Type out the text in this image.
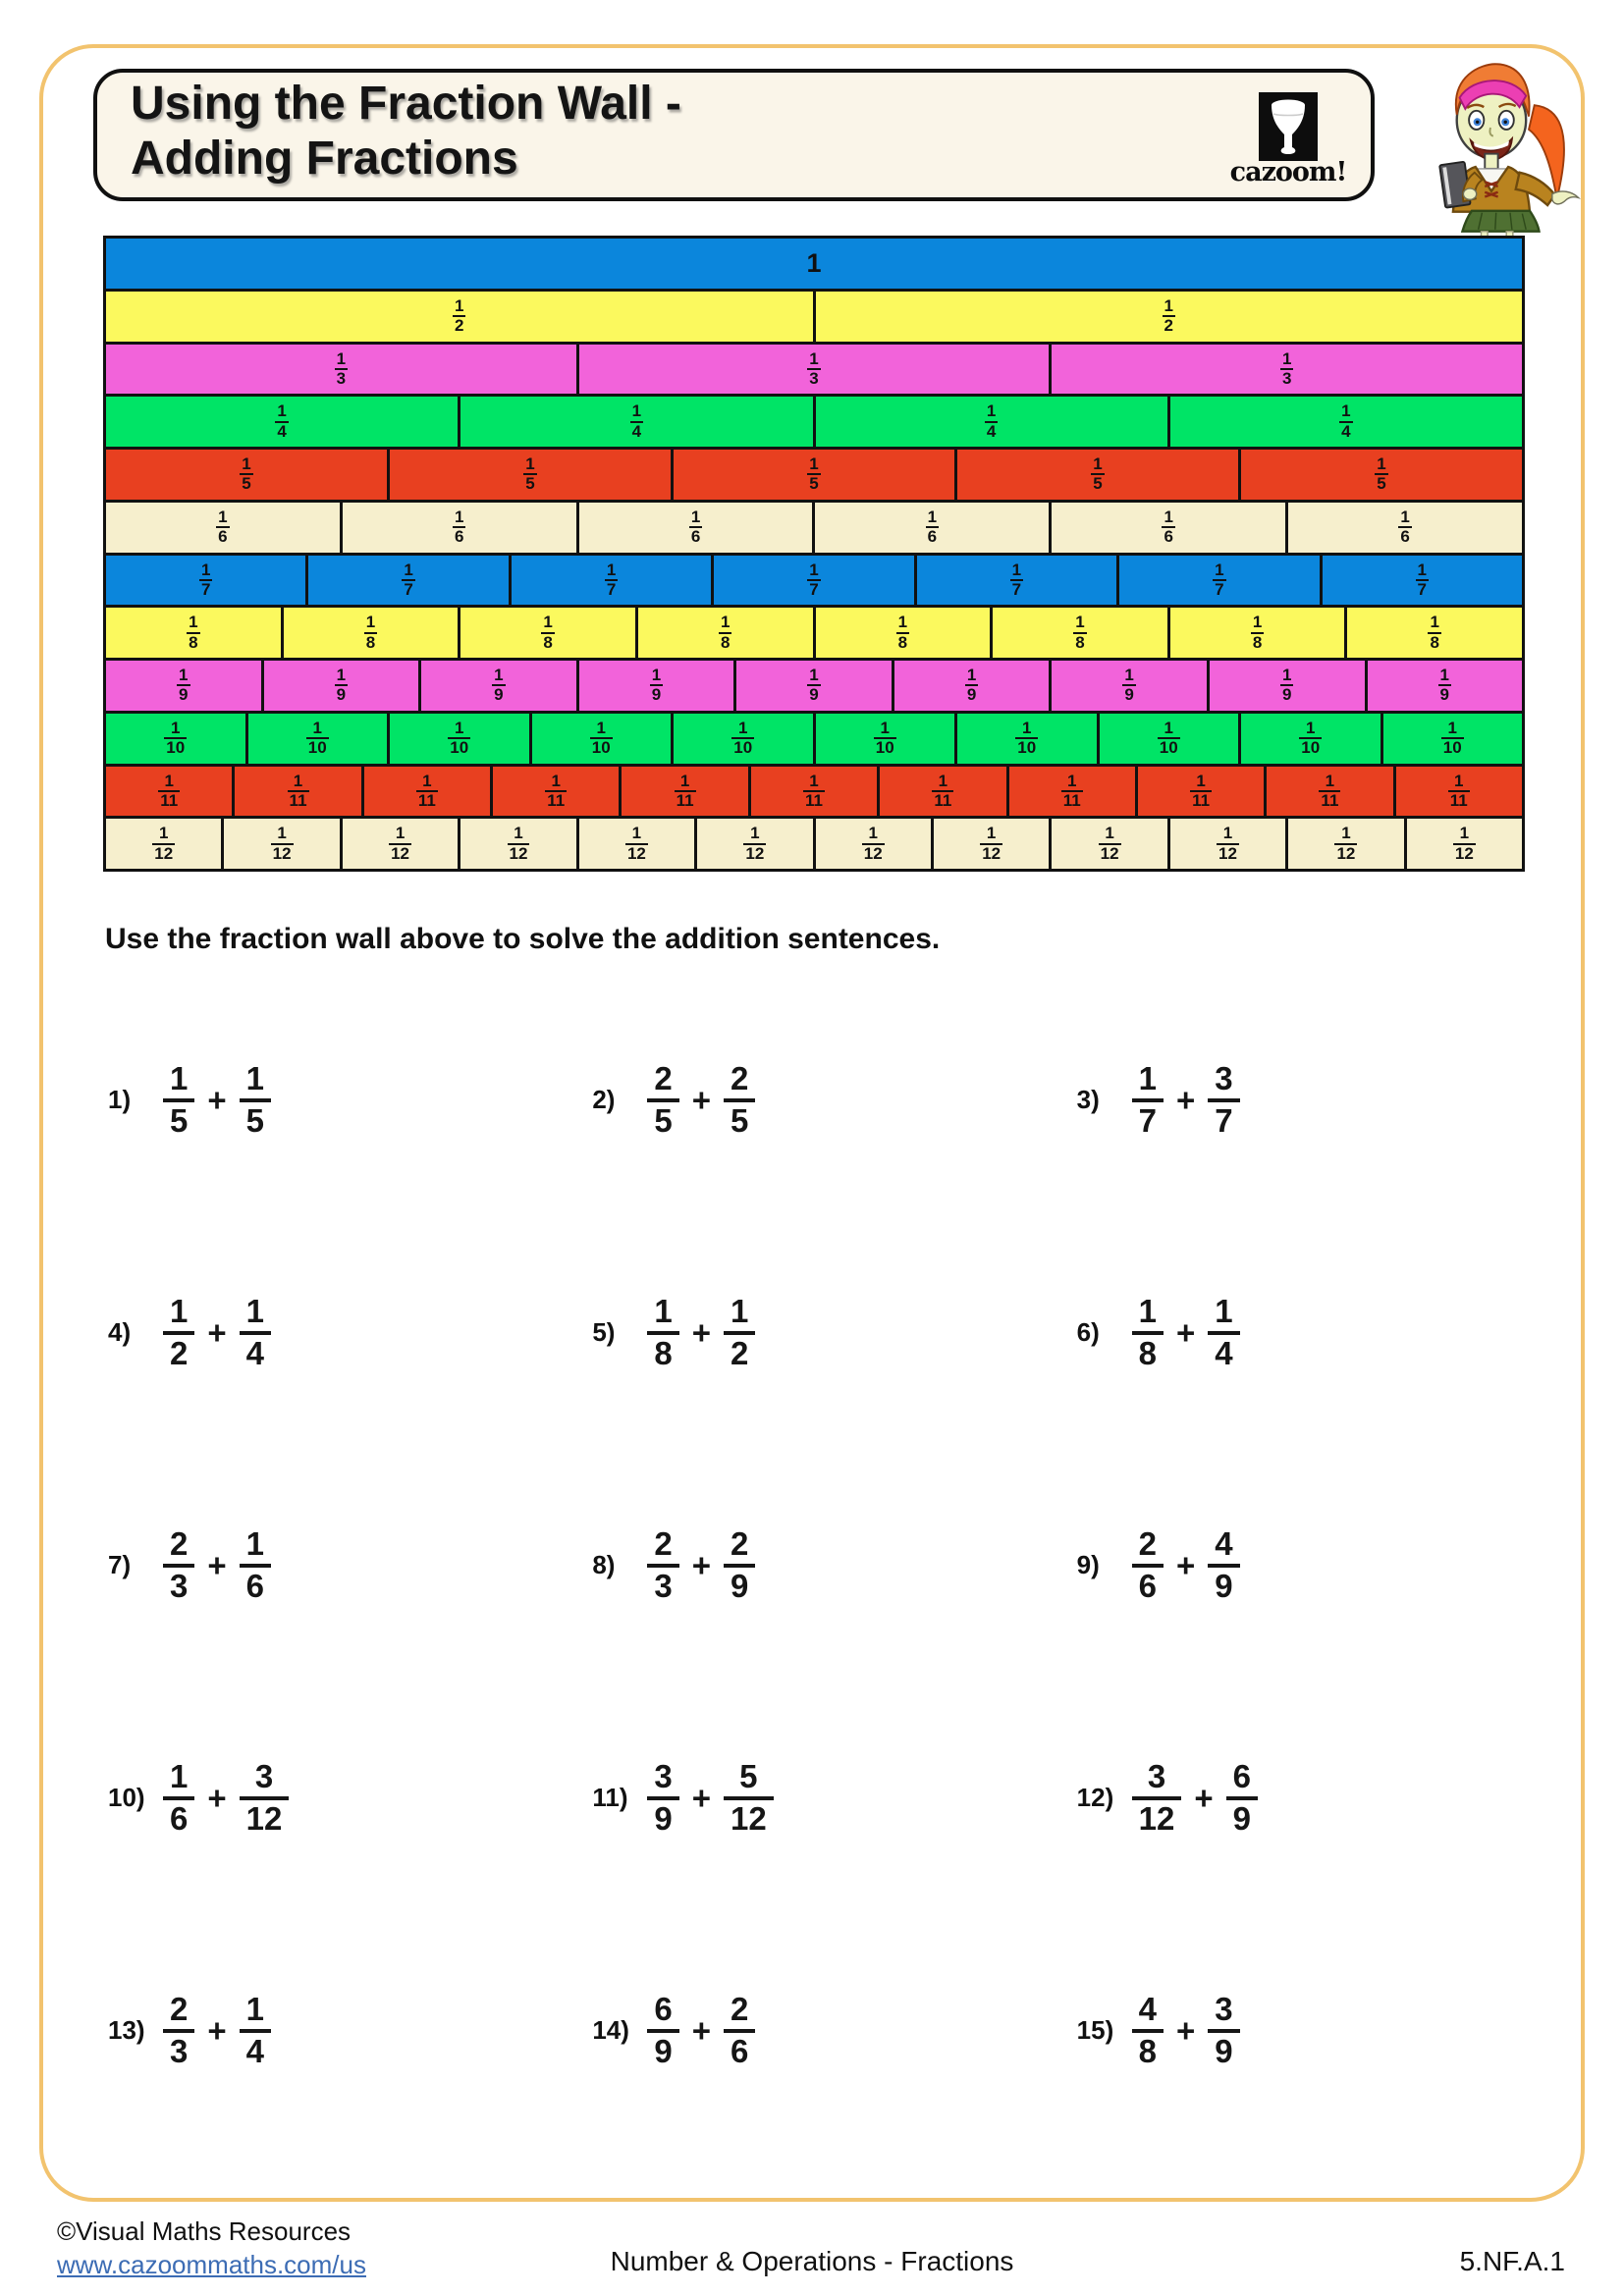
Using the Fraction Wall -
Adding Fractions	cazoom!
1
$\frac{1}{2}$	$\frac{1}{2}$
$\frac{1}{3}$	$\frac{1}{3}$	$\frac{1}{3}$
$\frac{1}{4}$	$\frac{1}{4}$	$\frac{1}{4}$	$\frac{1}{4}$
$\frac{1}{5}$	$\frac{1}{5}$	$\frac{1}{5}$	$\frac{1}{5}$	$\frac{1}{5}$
$\frac{1}{6}$	$\frac{1}{6}$	$\frac{1}{6}$	$\frac{1}{6}$	$\frac{1}{6}$	$\frac{1}{6}$
$\frac{1}{7}$	$\frac{1}{7}$	$\frac{1}{7}$	$\frac{1}{7}$	$\frac{1}{7}$	$\frac{1}{7}$	$\frac{1}{7}$
$\frac{1}{8}$	$\frac{1}{8}$	$\frac{1}{8}$	$\frac{1}{8}$	$\frac{1}{8}$	$\frac{1}{8}$	$\frac{1}{8}$	$\frac{1}{8}$
$\frac{1}{9}$	$\frac{1}{9}$	$\frac{1}{9}$	$\frac{1}{9}$	$\frac{1}{9}$	$\frac{1}{9}$	$\frac{1}{9}$	$\frac{1}{9}$	$\frac{1}{9}$
$\frac{1}{10}$	$\frac{1}{10}$	$\frac{1}{10}$	$\frac{1}{10}$	$\frac{1}{10}$	$\frac{1}{10}$	$\frac{1}{10}$	$\frac{1}{10}$	$\frac{1}{10}$	$\frac{1}{10}$
$\frac{1}{11}$	$\frac{1}{11}$	$\frac{1}{11}$	$\frac{1}{11}$	$\frac{1}{11}$	$\frac{1}{11}$	$\frac{1}{11}$	$\frac{1}{11}$	$\frac{1}{11}$	$\frac{1}{11}$	$\frac{1}{11}$
$\frac{1}{12}$	$\frac{1}{12}$	$\frac{1}{12}$	$\frac{1}{12}$	$\frac{1}{12}$	$\frac{1}{12}$	$\frac{1}{12}$	$\frac{1}{12}$	$\frac{1}{12}$	$\frac{1}{12}$	$\frac{1}{12}$	$\frac{1}{12}$
Use the fraction wall above to solve the addition sentences.
$1) \frac{1}{5} + \frac{1}{5}$	$2) \frac{2}{5} + \frac{2}{5}$	$3) \frac{1}{7} + \frac{3}{7}$
$4) \frac{1}{2} + \frac{1}{4}$	$5) \frac{1}{8} + \frac{1}{2}$	$6) \frac{1}{8} + \frac{1}{4}$
$7) \frac{2}{3} + \frac{1}{6}$	$8) \frac{2}{3} + \frac{2}{9}$	$9) \frac{2}{6} + \frac{4}{9}$
$10) \frac{1}{6} + \frac{3}{12}$	$11) \frac{3}{9} + \frac{5}{12}$	$12) \frac{3}{12} + \frac{6}{9}$
$13) \frac{2}{3} + \frac{1}{4}$	$14) \frac{6}{9} + \frac{2}{6}$	$15) \frac{4}{8} + \frac{3}{9}$
©Visual Maths Resources
www.cazoommaths.com/us	Number & Operations - Fractions	5.NF.A.1
